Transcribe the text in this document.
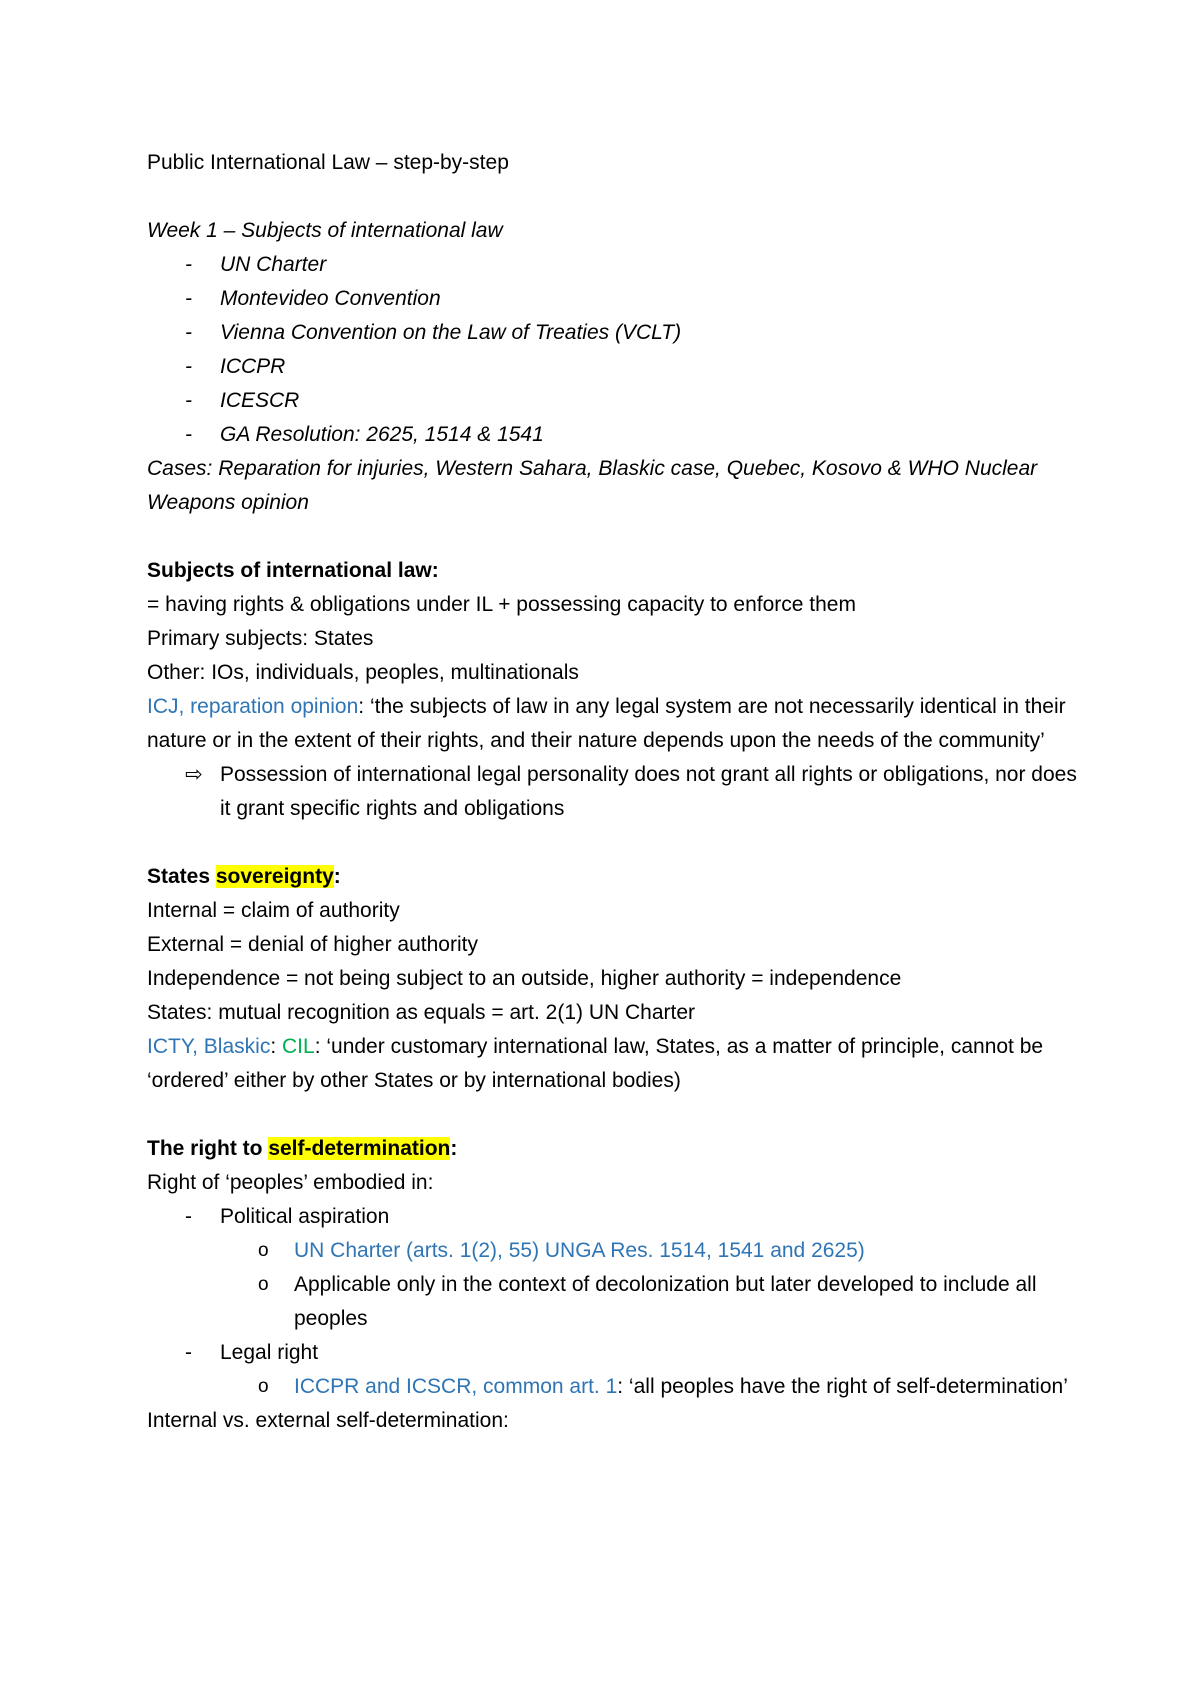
Public International Law – step-by-step
Week 1 – Subjects of international law
- UN Charter
- Montevideo Convention
- Vienna Convention on the Law of Treaties (VCLT)
- ICCPR
- ICESCR
- GA Resolution: 2625, 1514 & 1541
Cases: Reparation for injuries, Western Sahara, Blaskic case, Quebec, Kosovo & WHO Nuclear Weapons opinion
Subjects of international law:
= having rights & obligations under IL + possessing capacity to enforce them
Primary subjects: States
Other: IOs, individuals, peoples, multinationals
ICJ, reparation opinion: ‘the subjects of law in any legal system are not necessarily identical in their nature or in the extent of their rights, and their nature depends upon the needs of the community’
⇨ Possession of international legal personality does not grant all rights or obligations, nor does it grant specific rights and obligations
States sovereignty:
Internal = claim of authority
External = denial of higher authority
Independence = not being subject to an outside, higher authority = independence
States: mutual recognition as equals = art. 2(1) UN Charter
ICTY, Blaskic: CIL: ‘under customary international law, States, as a matter of principle, cannot be ‘ordered’ either by other States or by international bodies)
The right to self-determination:
Right of ‘peoples’ embodied in:
- Political aspiration
o UN Charter (arts. 1(2), 55) UNGA Res. 1514, 1541 and 2625)
o Applicable only in the context of decolonization but later developed to include all peoples
- Legal right
o ICCPR and ICSCR, common art. 1: ‘all peoples have the right of self-determination’
Internal vs. external self-determination:
